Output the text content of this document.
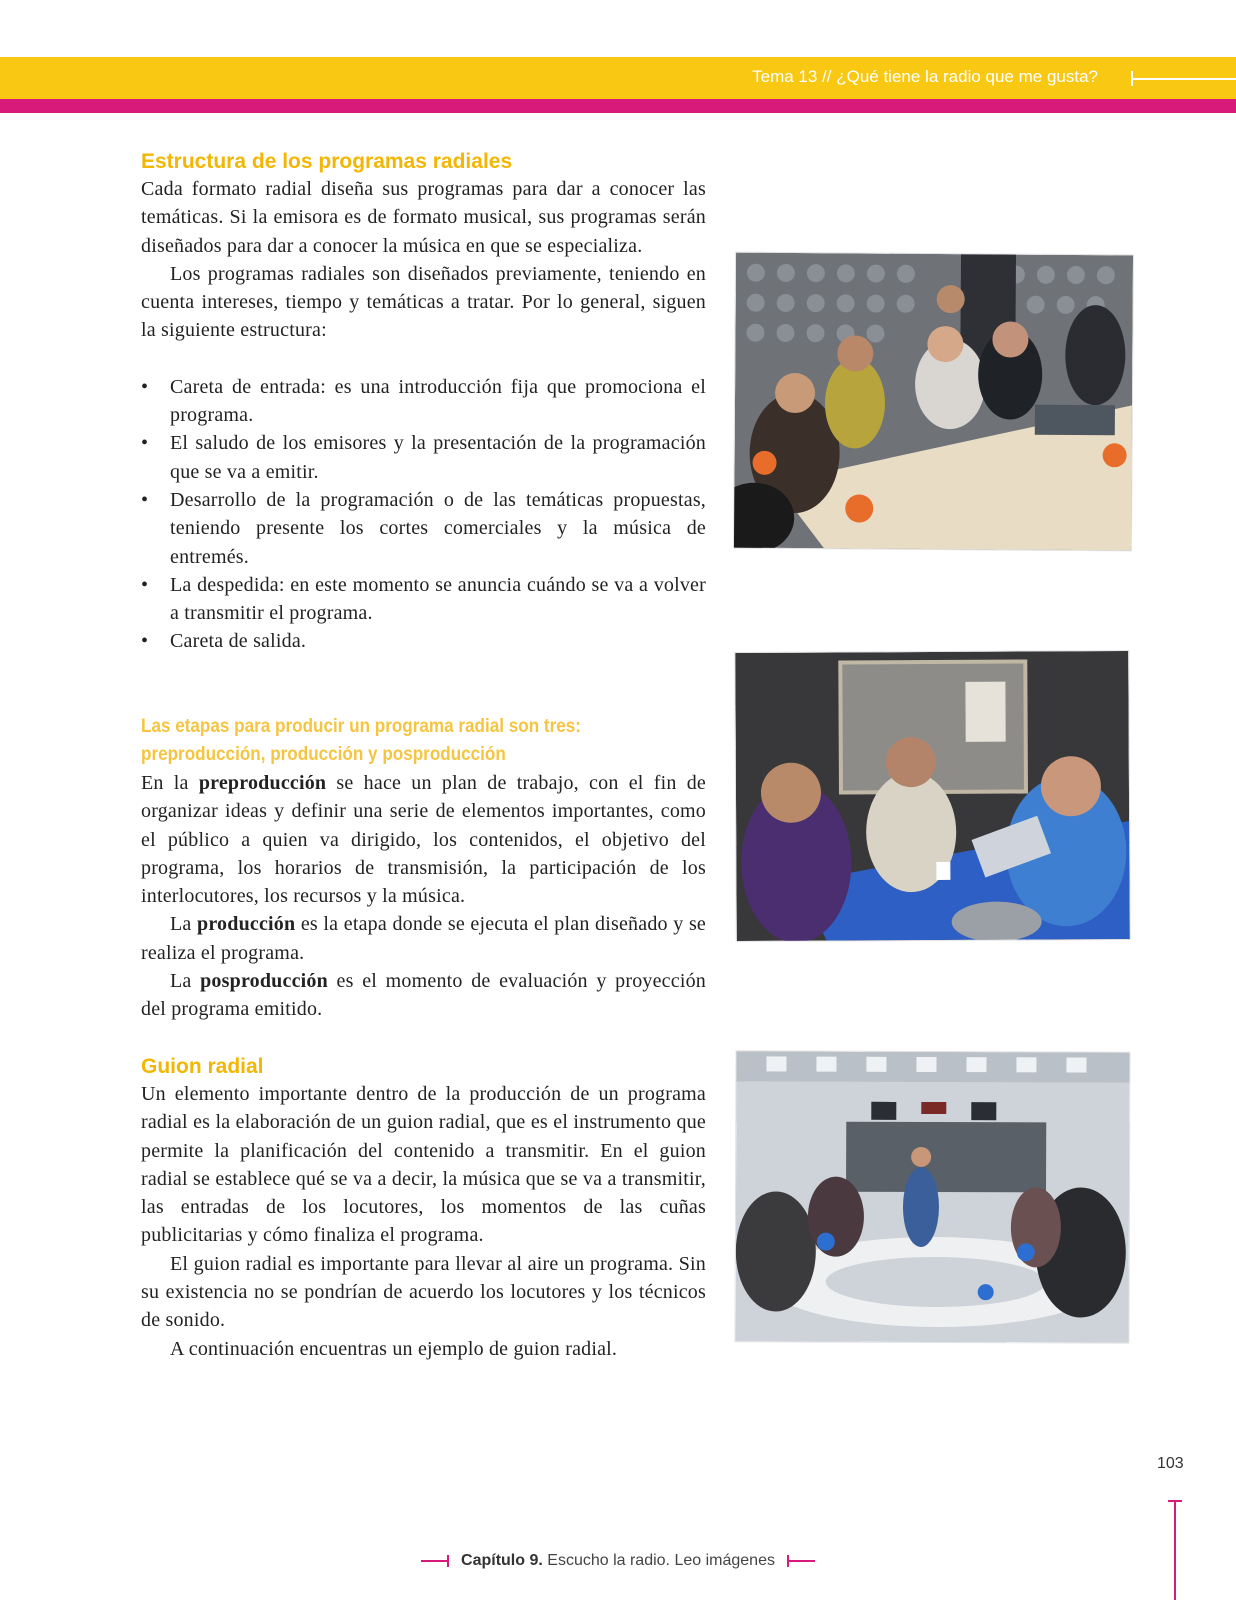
Tema 13 // ¿Qué tiene la radio que me gusta?
Estructura de los programas radiales

Cada formato radial diseña sus programas para dar a conocer las temáticas. Si la emisora es de formato musical, sus programas serán diseñados para dar a conocer la música en que se especializa.

Los programas radiales son diseñados previamente, teniendo en cuenta intereses, tiempo y temáticas a tratar. Por lo general, siguen la siguiente estructura:

• Careta de entrada: es una introducción fija que promociona el programa.
• El saludo de los emisores y la presentación de la programación que se va a emitir.
• Desarrollo de la programación o de las temáticas propuestas, teniendo presente los cortes comerciales y la música de entremés.
• La despedida: en este momento se anuncia cuándo se va a volver a transmitir el programa.
• Careta de salida.
Las etapas para producir un programa radial son tres: preproducción, producción y posproducción

En la preproducción se hace un plan de trabajo, con el fin de organizar ideas y definir una serie de elementos importantes, como el público a quien va dirigido, los contenidos, el objetivo del programa, los horarios de transmisión, la participación de los interlocutores, los recursos y la música.

La producción es la etapa donde se ejecuta el plan diseñado y se realiza el programa.

La posproducción es el momento de evaluación y proyección del programa emitido.

Guion radial

Un elemento importante dentro de la producción de un programa radial es la elaboración de un guion radial, que es el instrumento que permite la planificación del contenido a transmitir. En el guion radial se establece qué se va a decir, la música que se va a transmitir, las entradas de los locutores, los momentos de las cuñas publicitarias y cómo finaliza el programa.

El guion radial es importante para llevar al aire un programa. Sin su existencia no se pondrían de acuerdo los locutores y los técnicos de sonido.

A continuación encuentras un ejemplo de guion radial.

103
Capítulo 9. Escucho la radio. Leo imágenes
